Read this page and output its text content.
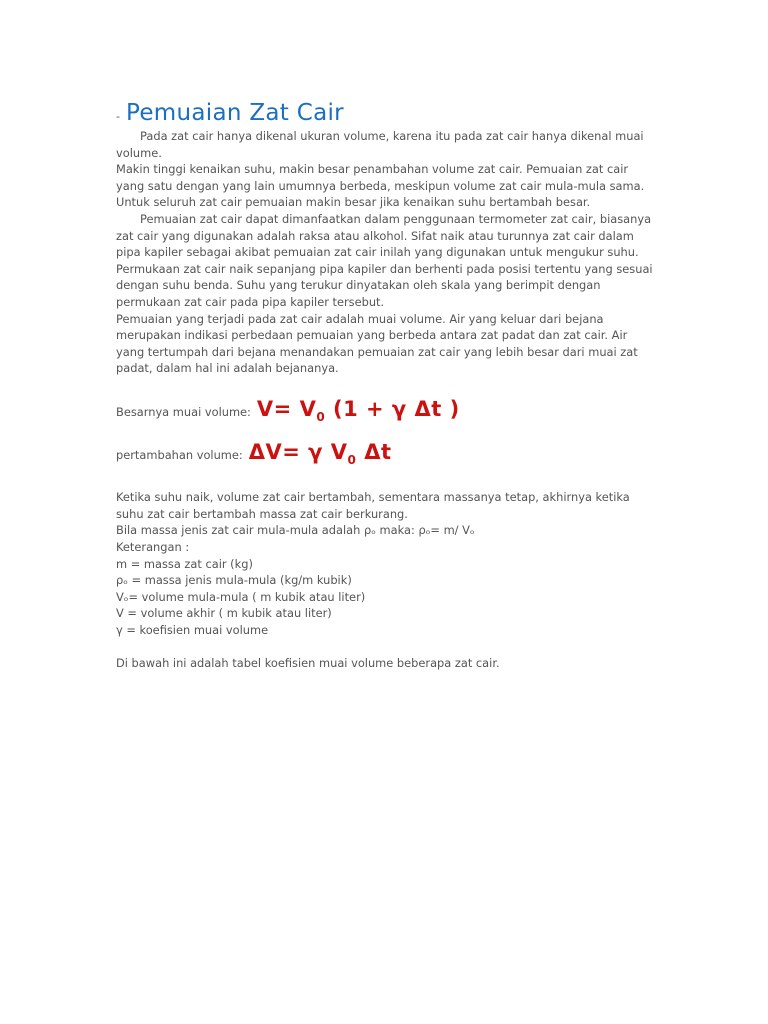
- Pemuaian Zat Cair

Pada zat cair hanya dikenal ukuran volume, karena itu pada zat cair hanya dikenal muai volume.

Makin tinggi kenaikan suhu, makin besar penambahan volume zat cair. Pemuaian zat cair yang satu dengan yang lain umumnya berbeda, meskipun volume zat cair mula-mula sama. Untuk seluruh zat cair pemuaian makin besar jika kenaikan suhu bertambah besar.

Pemuaian zat cair dapat dimanfaatkan dalam penggunaan termometer zat cair, biasanya zat cair yang digunakan adalah raksa atau alkohol. Sifat naik atau turunnya zat cair dalam pipa kapiler sebagai akibat pemuaian zat cair inilah yang digunakan untuk mengukur suhu. Permukaan zat cair naik sepanjang pipa kapiler dan berhenti pada posisi tertentu yang sesuai dengan suhu benda. Suhu yang terukur dinyatakan oleh skala yang berimpit dengan permukaan zat cair pada pipa kapiler tersebut.

Pemuaian yang terjadi pada zat cair adalah muai volume. Air yang keluar dari bejana merupakan indikasi perbedaan pemuaian yang berbeda antara zat padat dan zat cair. Air yang tertumpah dari bejana menandakan pemuaian zat cair yang lebih besar dari muai zat padat, dalam hal ini adalah bejananya.

Besarnya muai volume: $V= V_0$ (1 + γ Δt )
pertambahan volume: ΔV= γ $V_0$ Δt

Ketika suhu naik, volume zat cair bertambah, sementara massanya tetap, akhirnya ketika suhu zat cair bertambah massa zat cair berkurang.

Bila massa jenis zat cair mula-mula adalah ρₒ maka: ρₒ= m/ Vₒ

Keterangan :

m = massa zat cair (kg)

ρₒ = massa jenis mula-mula (kg/m kubik)

Vₒ= volume mula-mula ( m kubik atau liter)

V = volume akhir ( m kubik atau liter)

γ = koefisien muai volume

Di bawah ini adalah tabel koefisien muai volume beberapa zat cair.
